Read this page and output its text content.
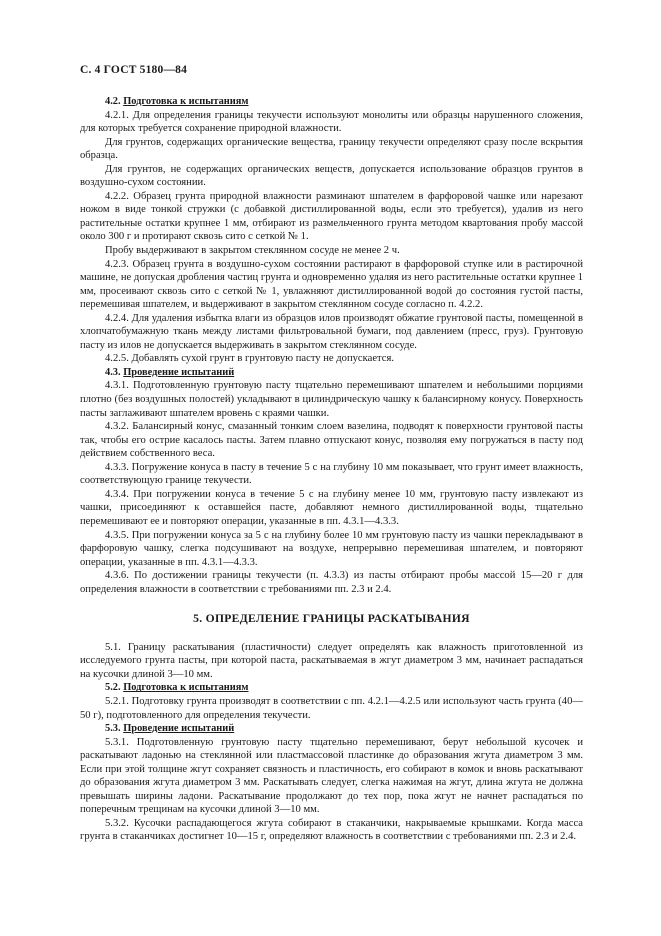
С. 4 ГОСТ 5180—84

4.2. Подготовка к испытаниям

4.2.1. Для определения границы текучести используют монолиты или образцы нарушенного сложения, для которых требуется сохранение природной влажности.

Для грунтов, содержащих органические вещества, границу текучести определяют сразу после вскрытия образца.

Для грунтов, не содержащих органических веществ, допускается использование образцов грунтов в воздушно-сухом состоянии.

4.2.2. Образец грунта природной влажности разминают шпателем в фарфоровой чашке или нарезают ножом в виде тонкой стружки (с добавкой дистиллированной воды, если это требуется), удалив из него растительные остатки крупнее 1 мм, отбирают из размельченного грунта методом квартования пробу массой около 300 г и протирают сквозь сито с сеткой № 1.

Пробу выдерживают в закрытом стеклянном сосуде не менее 2 ч.

4.2.3. Образец грунта в воздушно-сухом состоянии растирают в фарфоровой ступке или в растирочной машине, не допуская дробления частиц грунта и одновременно удаляя из него растительные остатки крупнее 1 мм, просеивают сквозь сито с сеткой № 1, увлажняют дистиллированной водой до состояния густой пасты, перемешивая шпателем, и выдерживают в закрытом стеклянном сосуде согласно п. 4.2.2.

4.2.4. Для удаления избытка влаги из образцов илов производят обжатие грунтовой пасты, помещенной в хлопчатобумажную ткань между листами фильтровальной бумаги, под давлением (пресс, груз). Грунтовую пасту из илов не допускается выдерживать в закрытом стеклянном сосуде.

4.2.5. Добавлять сухой грунт в грунтовую пасту не допускается.

4.3. Проведение испытаний

4.3.1. Подготовленную грунтовую пасту тщательно перемешивают шпателем и небольшими порциями плотно (без воздушных полостей) укладывают в цилиндрическую чашку к балансирному конусу. Поверхность пасты заглаживают шпателем вровень с краями чашки.

4.3.2. Балансирный конус, смазанный тонким слоем вазелина, подводят к поверхности грунтовой пасты так, чтобы его острие касалось пасты. Затем плавно отпускают конус, позволяя ему погружаться в пасту под действием собственного веса.

4.3.3. Погружение конуса в пасту в течение 5 с на глубину 10 мм показывает, что грунт имеет влажность, соответствующую границе текучести.

4.3.4. При погружении конуса в течение 5 с на глубину менее 10 мм, грунтовую пасту извлекают из чашки, присоединяют к оставшейся пасте, добавляют немного дистиллированной воды, тщательно перемешивают ее и повторяют операции, указанные в пп. 4.3.1—4.3.3.

4.3.5. При погружении конуса за 5 с на глубину более 10 мм грунтовую пасту из чашки перекладывают в фарфоровую чашку, слегка подсушивают на воздухе, непрерывно перемешивая шпателем, и повторяют операции, указанные в пп. 4.3.1—4.3.3.

4.3.6. По достижении границы текучести (п. 4.3.3) из пасты отбирают пробы массой 15—20 г для определения влажности в соответствии с требованиями пп. 2.3 и 2.4.

5. ОПРЕДЕЛЕНИЕ ГРАНИЦЫ РАСКАТЫВАНИЯ

5.1. Границу раскатывания (пластичности) следует определять как влажность приготовленной из исследуемого грунта пасты, при которой паста, раскатываемая в жгут диаметром 3 мм, начинает распадаться на кусочки длиной 3—10 мм.

5.2. Подготовка к испытаниям

5.2.1. Подготовку грунта производят в соответствии с пп. 4.2.1—4.2.5 или используют часть грунта (40—50 г), подготовленного для определения текучести.

5.3. Проведение испытаний

5.3.1. Подготовленную грунтовую пасту тщательно перемешивают, берут небольшой кусочек и раскатывают ладонью на стеклянной или пластмассовой пластинке до образования жгута диаметром 3 мм. Если при этой толщине жгут сохраняет связность и пластичность, его собирают в комок и вновь раскатывают до образования жгута диаметром 3 мм. Раскатывать следует, слегка нажимая на жгут, длина жгута не должна превышать ширины ладони. Раскатывание продолжают до тех пор, пока жгут не начнет распадаться по поперечным трещинам на кусочки длиной 3—10 мм.

5.3.2. Кусочки распадающегося жгута собирают в стаканчики, накрываемые крышками. Когда масса грунта в стаканчиках достигнет 10—15 г, определяют влажность в соответствии с требованиями пп. 2.3 и 2.4.
